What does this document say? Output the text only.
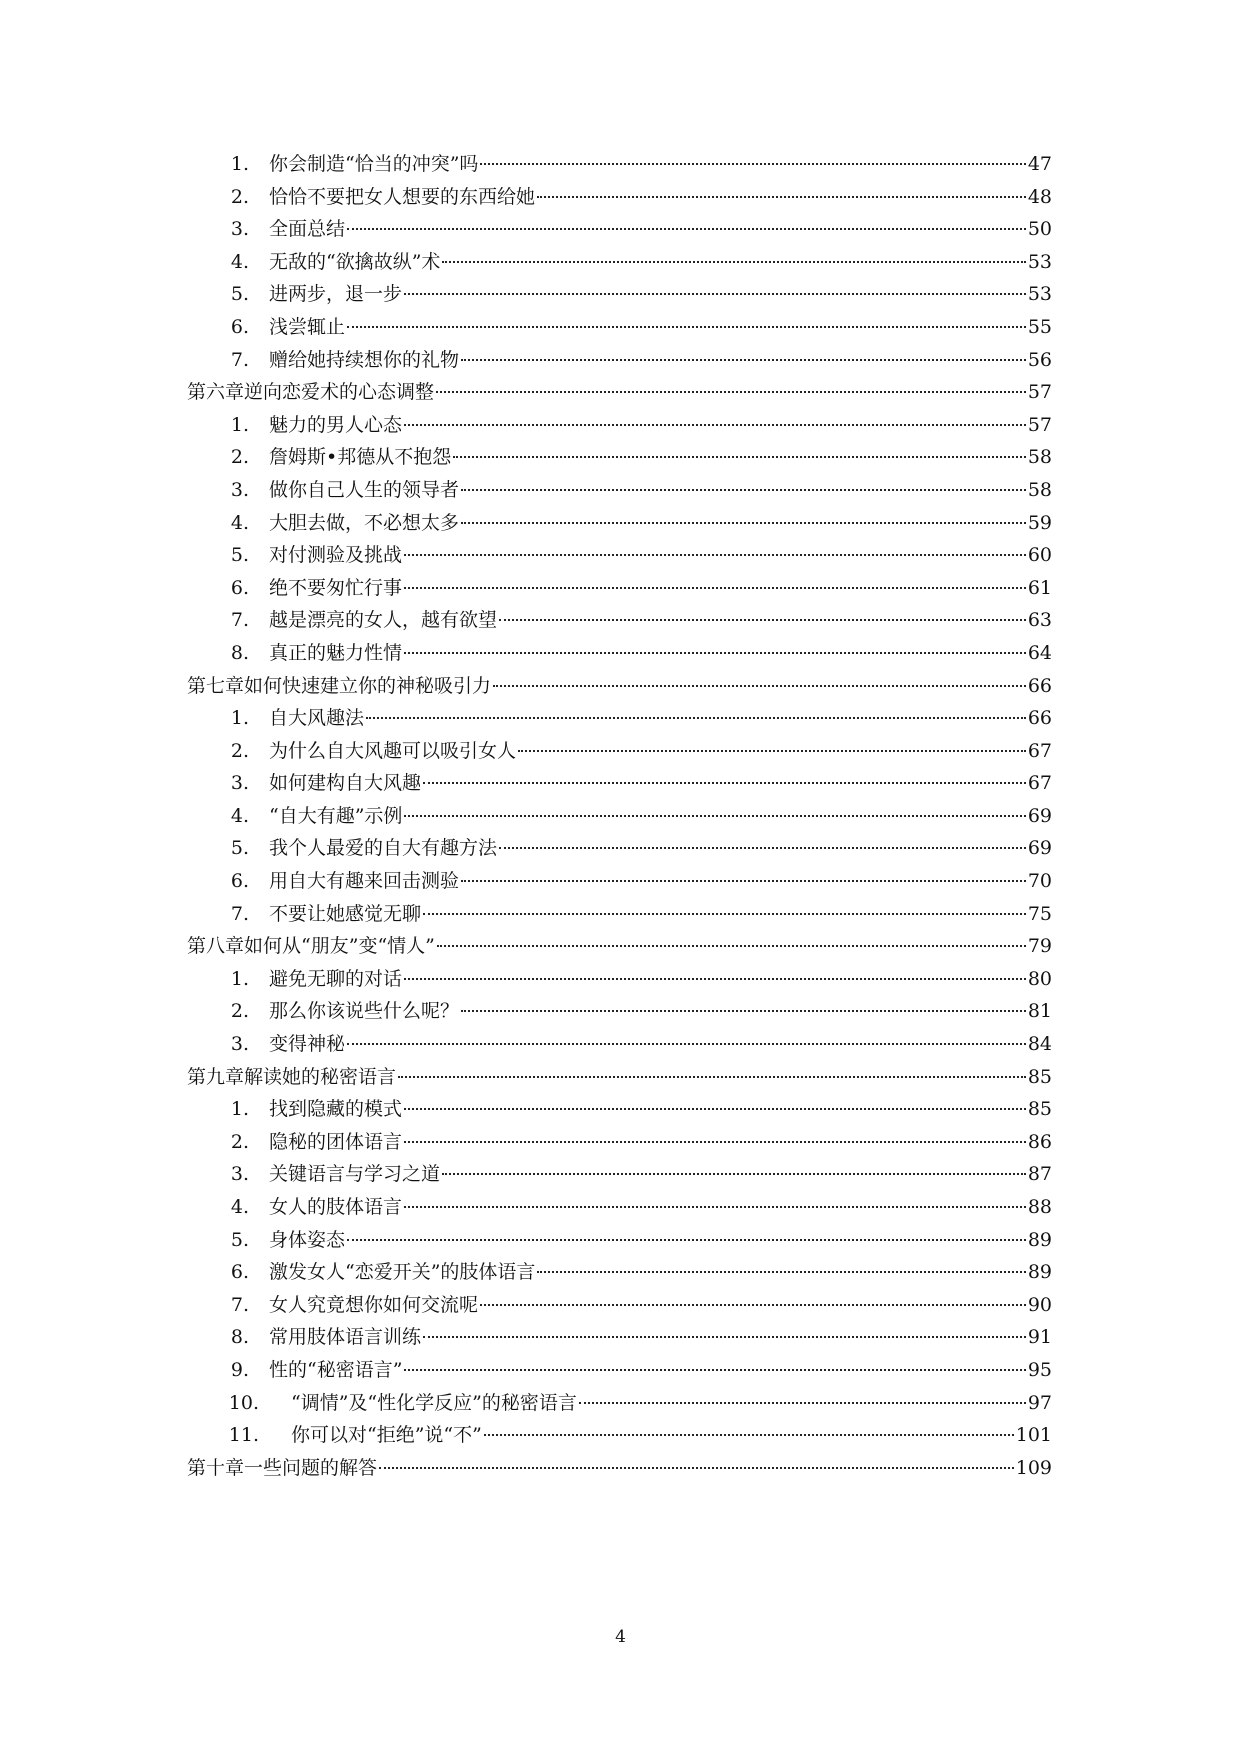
1. 你会制造“恰当的冲突”吗	47
2. 恰恰不要把女人想要的东西给她	48
3. 全面总结	50
4. 无敌的“欲擒故纵”术	53
5. 进两步，退一步	53
6. 浅尝辄止	55
7. 赠给她持续想你的礼物	56
第六章 逆向恋爱术的心态调整	57
1. 魅力的男人心态	57
2. 詹姆斯•邦德从不抱怨	58
3. 做你自己人生的领导者	58
4. 大胆去做，不必想太多	59
5. 对付测验及挑战	60
6. 绝不要匆忙行事	61
7. 越是漂亮的女人，越有欲望	63
8. 真正的魅力性情	64
第七章 如何快速建立你的神秘吸引力	66
1. 自大风趣法	66
2. 为什么自大风趣可以吸引女人	67
3. 如何建构自大风趣	67
4. “自大有趣”示例	69
5. 我个人最爱的自大有趣方法	69
6. 用自大有趣来回击测验	70
7. 不要让她感觉无聊	75
第八章 如何从“朋友”变“情人”	79
1. 避免无聊的对话	80
2. 那么你该说些什么呢？	81
3. 变得神秘	84
第九章 解读她的秘密语言	85
1. 找到隐藏的模式	85
2. 隐秘的团体语言	86
3. 关键语言与学习之道	87
4. 女人的肢体语言	88
5. 身体姿态	89
6. 激发女人“恋爱开关”的肢体语言	89
7. 女人究竟想你如何交流呢	90
8. 常用肢体语言训练	91
9. 性的“秘密语言”	95
10. “调情”及“性化学反应”的秘密语言	97
11. 你可以对“拒绝”说“不”	101
第十章 一些问题的解答	109
4
